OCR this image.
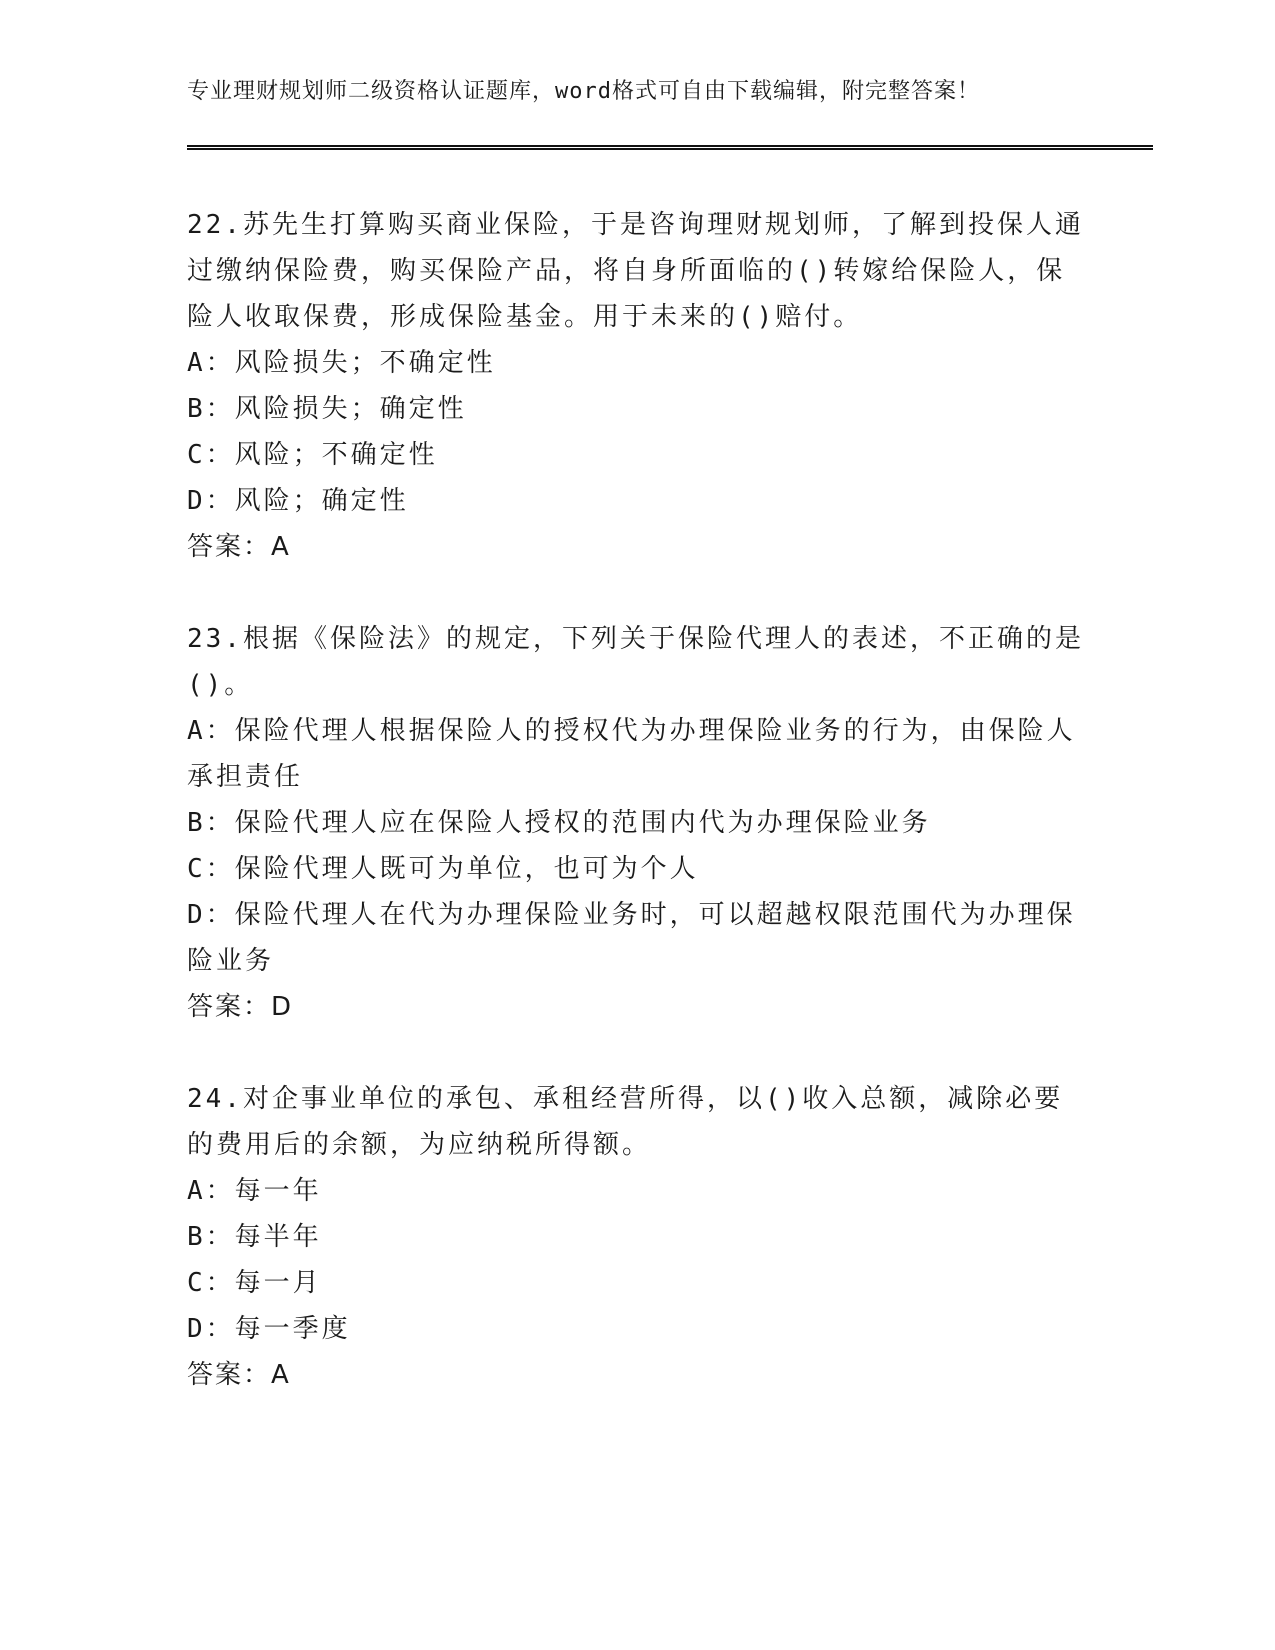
专业理财规划师二级资格认证题库，word格式可自由下载编辑，附完整答案！

22.苏先生打算购买商业保险，于是咨询理财规划师，了解到投保人通过缴纳保险费，购买保险产品，将自身所面临的()转嫁给保险人，保险人收取保费，形成保险基金。用于未来的()赔付。

A：风险损失；不确定性

B：风险损失；确定性

C：风险；不确定性

D：风险；确定性

答案：A

23.根据《保险法》的规定，下列关于保险代理人的表述，不正确的是()。

A：保险代理人根据保险人的授权代为办理保险业务的行为，由保险人承担责任

B：保险代理人应在保险人授权的范围内代为办理保险业务

C：保险代理人既可为单位，也可为个人

D：保险代理人在代为办理保险业务时，可以超越权限范围代为办理保险业务

答案：D

24.对企事业单位的承包、承租经营所得，以()收入总额，减除必要的费用后的余额，为应纳税所得额。

A：每一年

B：每半年

C：每一月

D：每一季度

答案：A
